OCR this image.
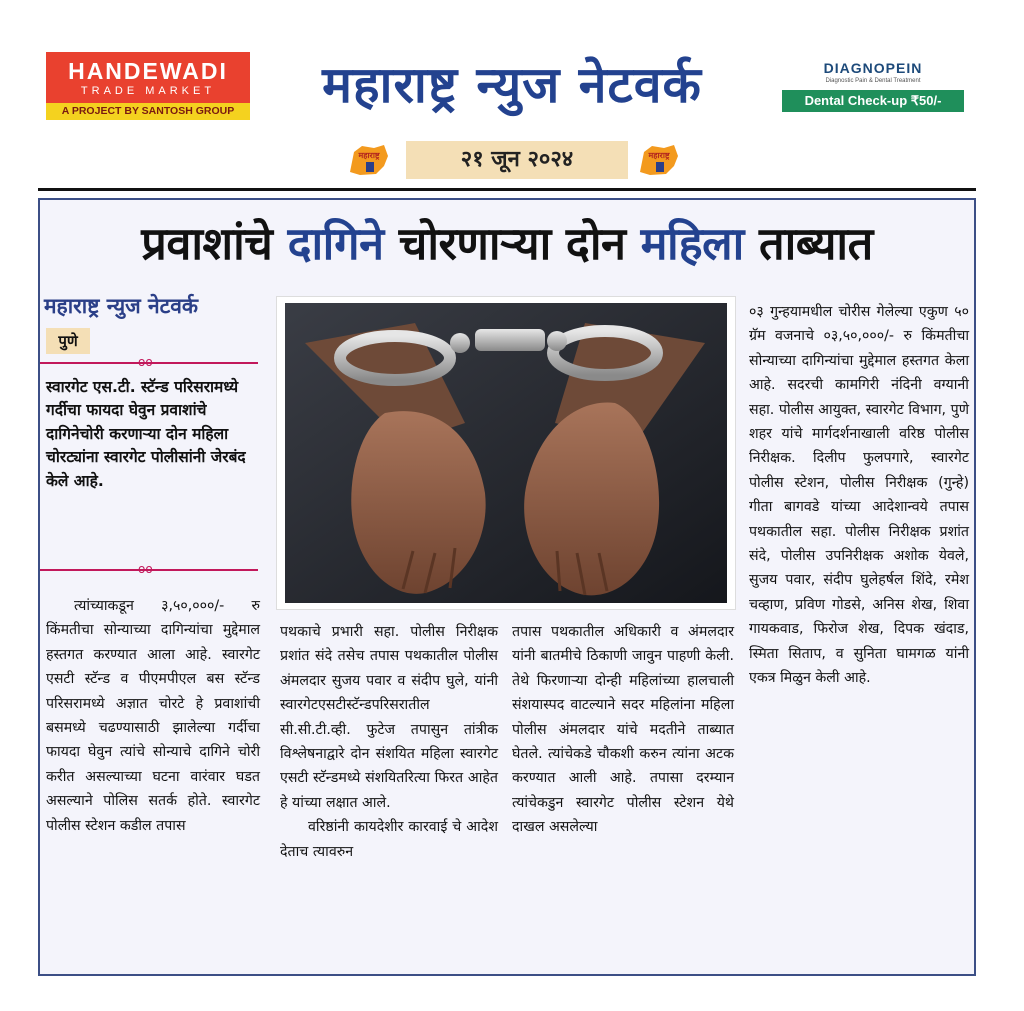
HANDEWADI
TRADE MARKET
A PROJECT BY SANTOSH GROUP	महाराष्ट्र न्युज नेटवर्क	DIAGNOPEIN
Diagnostic Pain & Dental Treatment
Dental Check-up ₹50/-
महाराष्ट्र	२१ जून २०२४	महाराष्ट्र
प्रवाशांचे दागिने चोरणाऱ्या दोन महिला ताब्यात
महाराष्ट्र न्युज नेटवर्क
पुणे
oo
स्वारगेट एस.टी. स्टॅन्ड परिसरामध्ये गर्दीचा फायदा घेवुन प्रवाशांचे दागिनेचोरी करणाऱ्या दोन महिला चोरट्यांना स्वारगेट पोलीसांनी जेरबंद केले आहे.
oo

त्यांच्याकडून ३,५०,०००/- रु किंमतीचा सोन्याच्या दागिन्यांचा मुद्देमाल हस्तगत करण्यात आला आहे. स्वारगेट एसटी स्टॅन्ड व पीएमपीएल बस स्टॅन्ड परिसरामध्ये अज्ञात चोरटे हे प्रवाशांची बसमध्ये चढण्यासाठी झालेल्या गर्दीचा फायदा घेवुन त्यांचे सोन्याचे दागिने चोरी करीत असल्याच्या घटना वारंवार घडत असल्याने पोलिस सतर्क होते. स्वारगेट पोलीस स्टेशन कडील तपास

पथकाचे प्रभारी सहा. पोलीस निरीक्षक प्रशांत संदे तसेच तपास पथकातील पोलीस अंमलदार सुजय पवार व संदीप घुले, यांनी स्वारगेटएसटीस्टॅन्डपरिसरातील सी.सी.टी.व्ही. फुटेज तपासुन तांत्रीक विश्लेषनाद्वारे दोन संशयित महिला स्वारगेट एसटी स्टॅन्डमध्ये संशयितरित्या फिरत आहेत हे यांच्या लक्षात आले.

वरिष्ठांनी कायदेशीर कारवाई चे आदेश देताच त्यावरुन

तपास पथकातील अधिकारी व अंमलदार यांनी बातमीचे ठिकाणी जावुन पाहणी केली. तेथे फिरणाऱ्या दोन्ही महिलांच्या हालचाली संशयास्पद वाटल्याने सदर महिलांना महिला पोलीस अंमलदार यांचे मदतीने ताब्यात घेतले. त्यांचेकडे चौकशी करुन त्यांना अटक करण्यात आली आहे. तपासा दरम्यान त्यांचेकडुन स्वारगेट पोलीस स्टेशन येथे दाखल असलेल्या

०३ गुन्हयामधील चोरीस गेलेल्या एकुण ५० ग्रॅम वजनाचे ०३,५०,०००/- रु किंमतीचा सोन्याच्या दागिन्यांचा मुद्देमाल हस्तगत केला आहे. सदरची कामगिरी नंदिनी वग्यानी सहा. पोलीस आयुक्त, स्वारगेट विभाग, पुणे शहर यांचे मार्गदर्शनाखाली वरिष्ठ पोलीस निरीक्षक. दिलीप फुलपगारे, स्वारगेट पोलीस स्टेशन, पोलीस निरीक्षक (गुन्हे) गीता बागवडे यांच्या आदेशान्वये तपास पथकातील सहा. पोलीस निरीक्षक प्रशांत संदे, पोलीस उपनिरीक्षक अशोक येवले, सुजय पवार, संदीप घुलेहर्षल शिंदे, रमेश चव्हाण, प्रविण गोडसे, अनिस शेख, शिवा गायकवाड, फिरोज शेख, दिपक खंदाड, स्मिता सिताप, व सुनिता घामगळ यांनी एकत्र मिळुन केली आहे.
